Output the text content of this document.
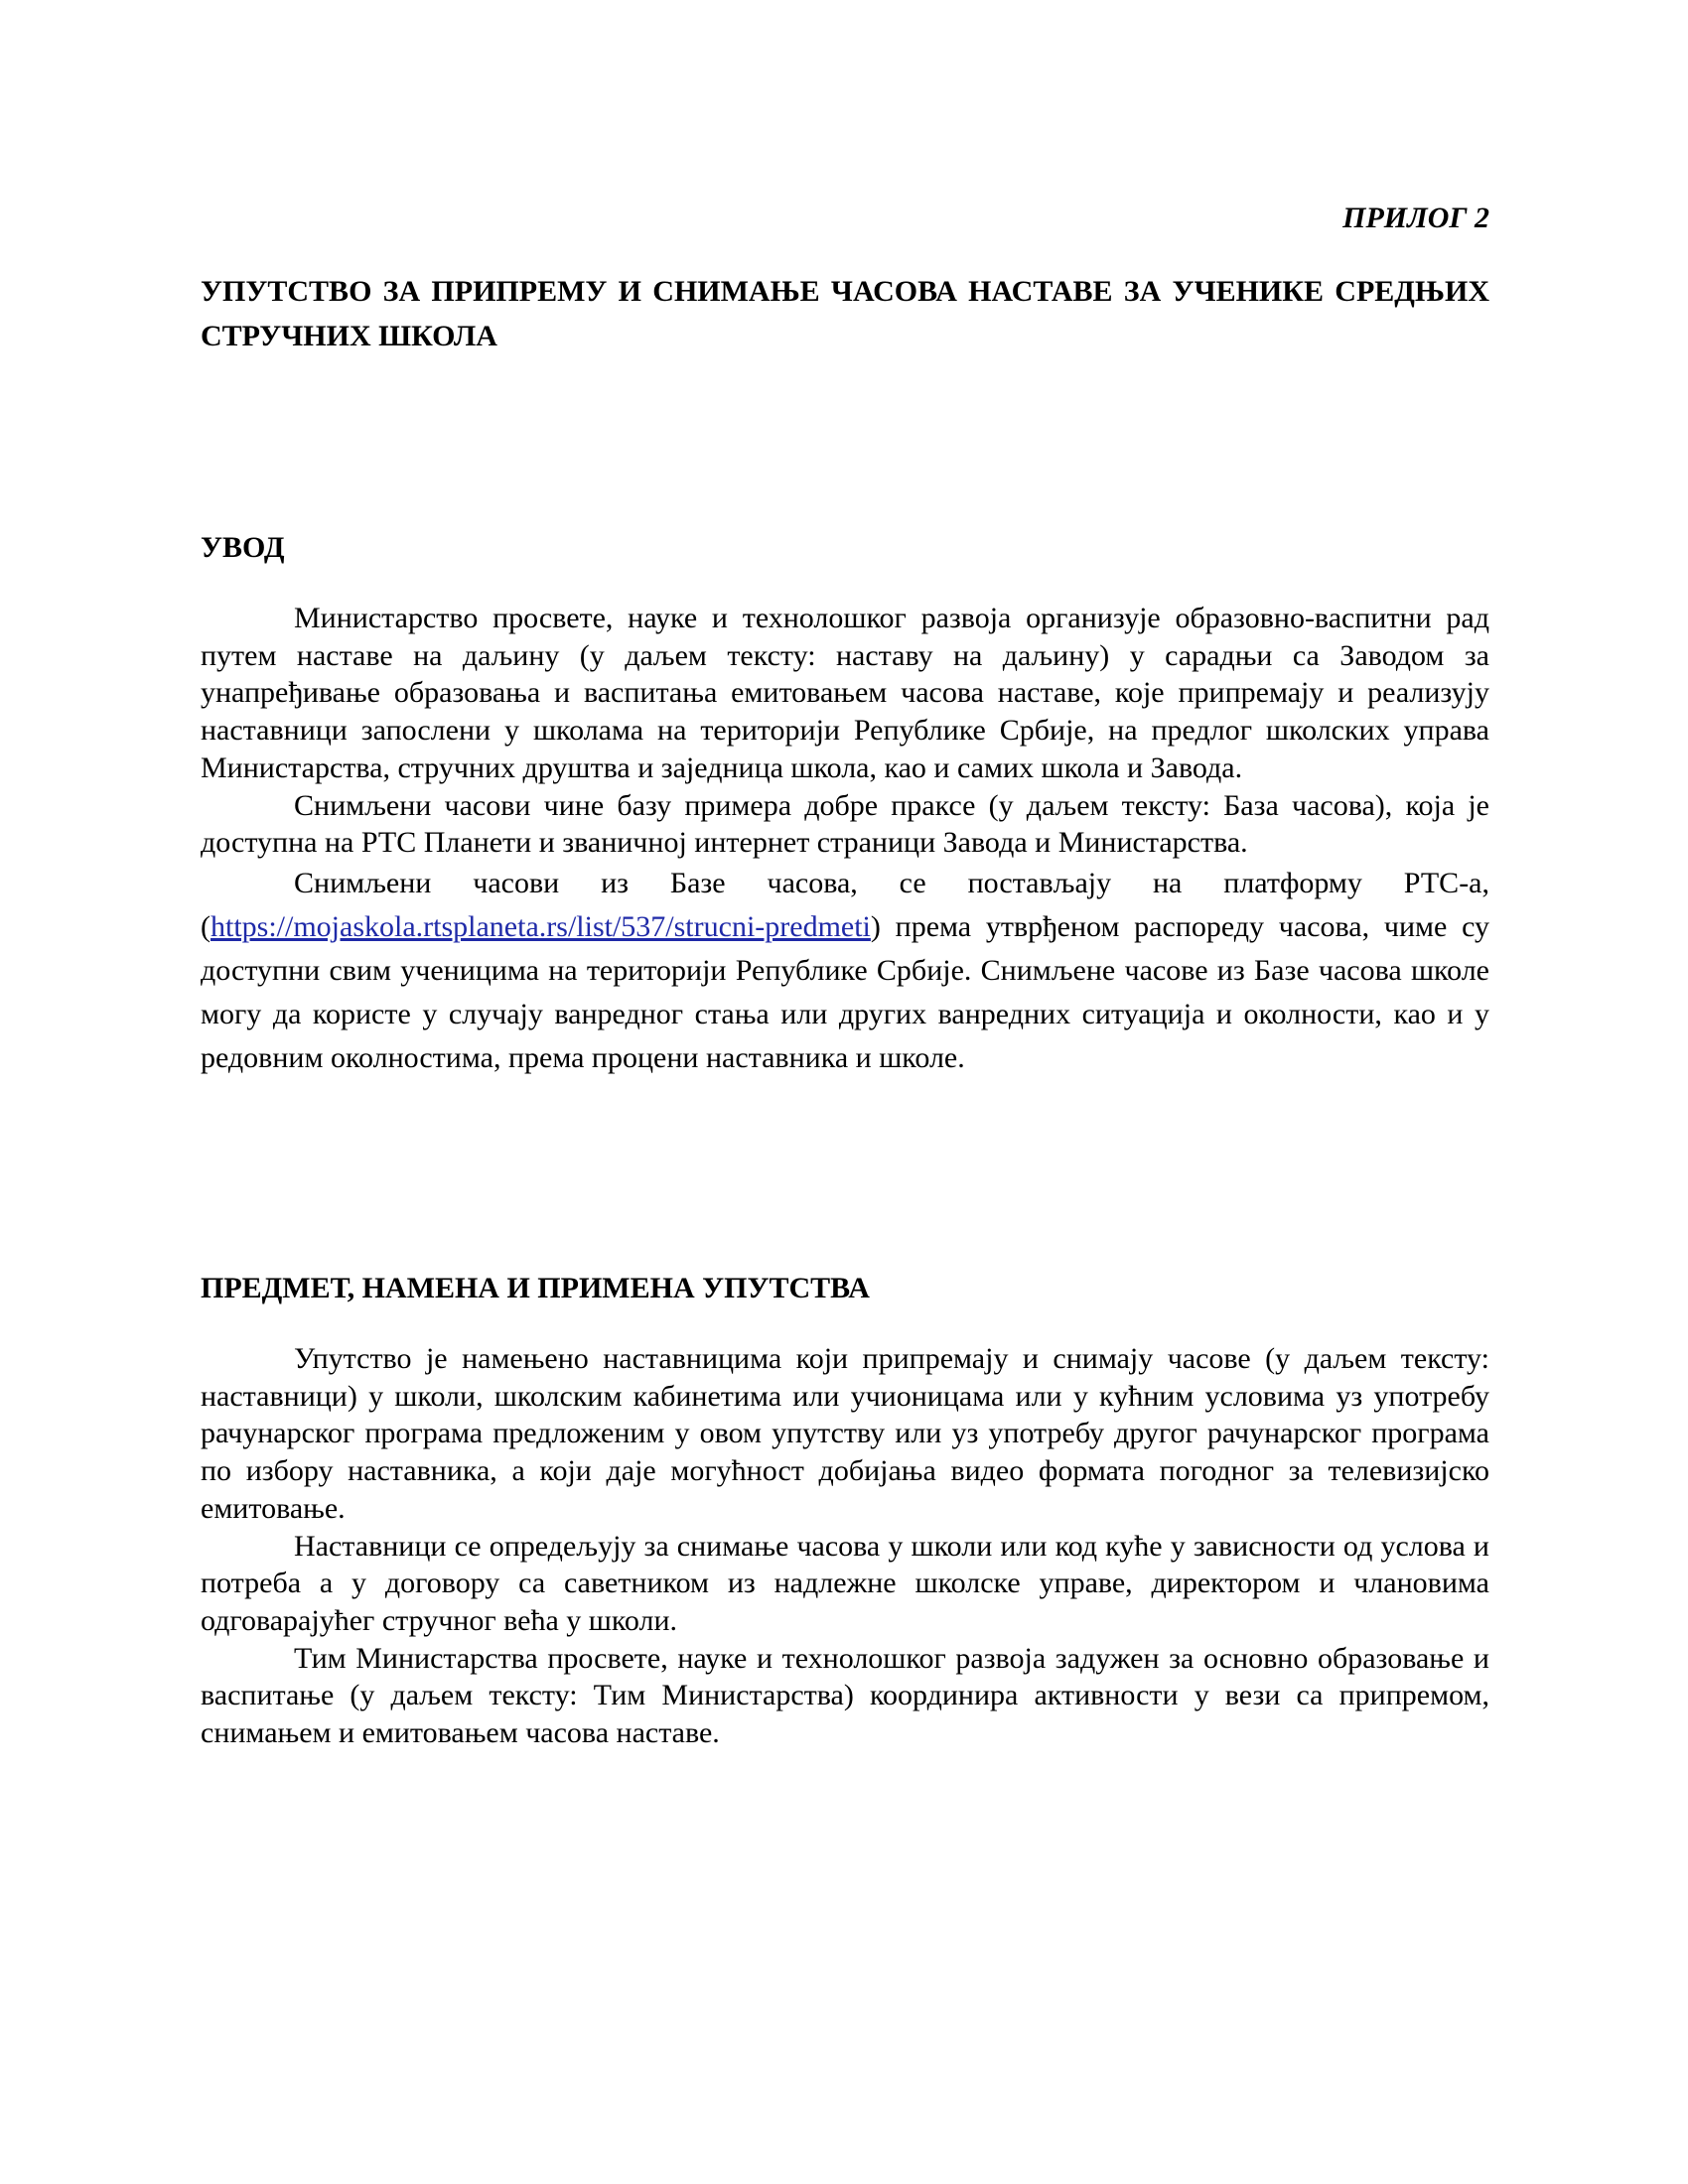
ПРИЛОГ 2
УПУТСТВО ЗА ПРИПРЕМУ И СНИМАЊЕ ЧАСОВА НАСТАВЕ ЗА УЧЕНИКЕ СРЕДЊИХ СТРУЧНИХ ШКОЛА
УВОД

Министарство просвете, науке и технолошког развоја организује образовно-васпитни рад путем наставе на даљину (у даљем тексту: наставу на даљину) у сарадњи са Заводом за унапређивање образовања и васпитања емитовањем часова наставе, које припремају и реализују наставници запослени у школама на територији Републике Србије, на предлог школских управа Министарства, стручних друштва и заједница школа, као и самих школа и Завода.

Снимљени часови чине базу примера добре праксе (у даљем тексту: База часова), која је доступна на РТС Планети и званичној интернет страници Завода и Министарства.

Снимљени часови из Базе часова, се постављају на платформу РТС-а, (https://mojaskola.rtsplaneta.rs/list/537/strucni-predmeti) према утврђеном распореду часова, чиме су доступни свим ученицима на територији Републике Србије. Снимљене часове из Базе часова школе могу да користе у случају ванредног стања или других ванредних ситуација и околности, као и у редовним околностима, према процени наставника и школе.

ПРЕДМЕТ, НАМЕНА И ПРИМЕНА УПУТСТВА

Упутство је намењено наставницима који припремају и снимају часове (у даљем тексту: наставници) у школи, школским кабинетима или учионицама или у кућним условима уз употребу рачунарског програма предложеним у овом упутству или уз употребу другог рачунарског програма по избору наставника, а који даје могућност добијања видео формата погодног за телевизијско емитовање.

Наставници се опредељују за снимање часова у школи или код куће у зависности од услова и потреба а у договору са саветником из надлежне школске управе, директором и члановима одговарајућег стручног већа у школи.

Тим Министарства просвете, науке и технолошког развоја задужен за основно образовање и васпитање (у даљем тексту: Тим Министарства) координира активности у вези са припремом, снимањем и емитовањем часова наставе.
